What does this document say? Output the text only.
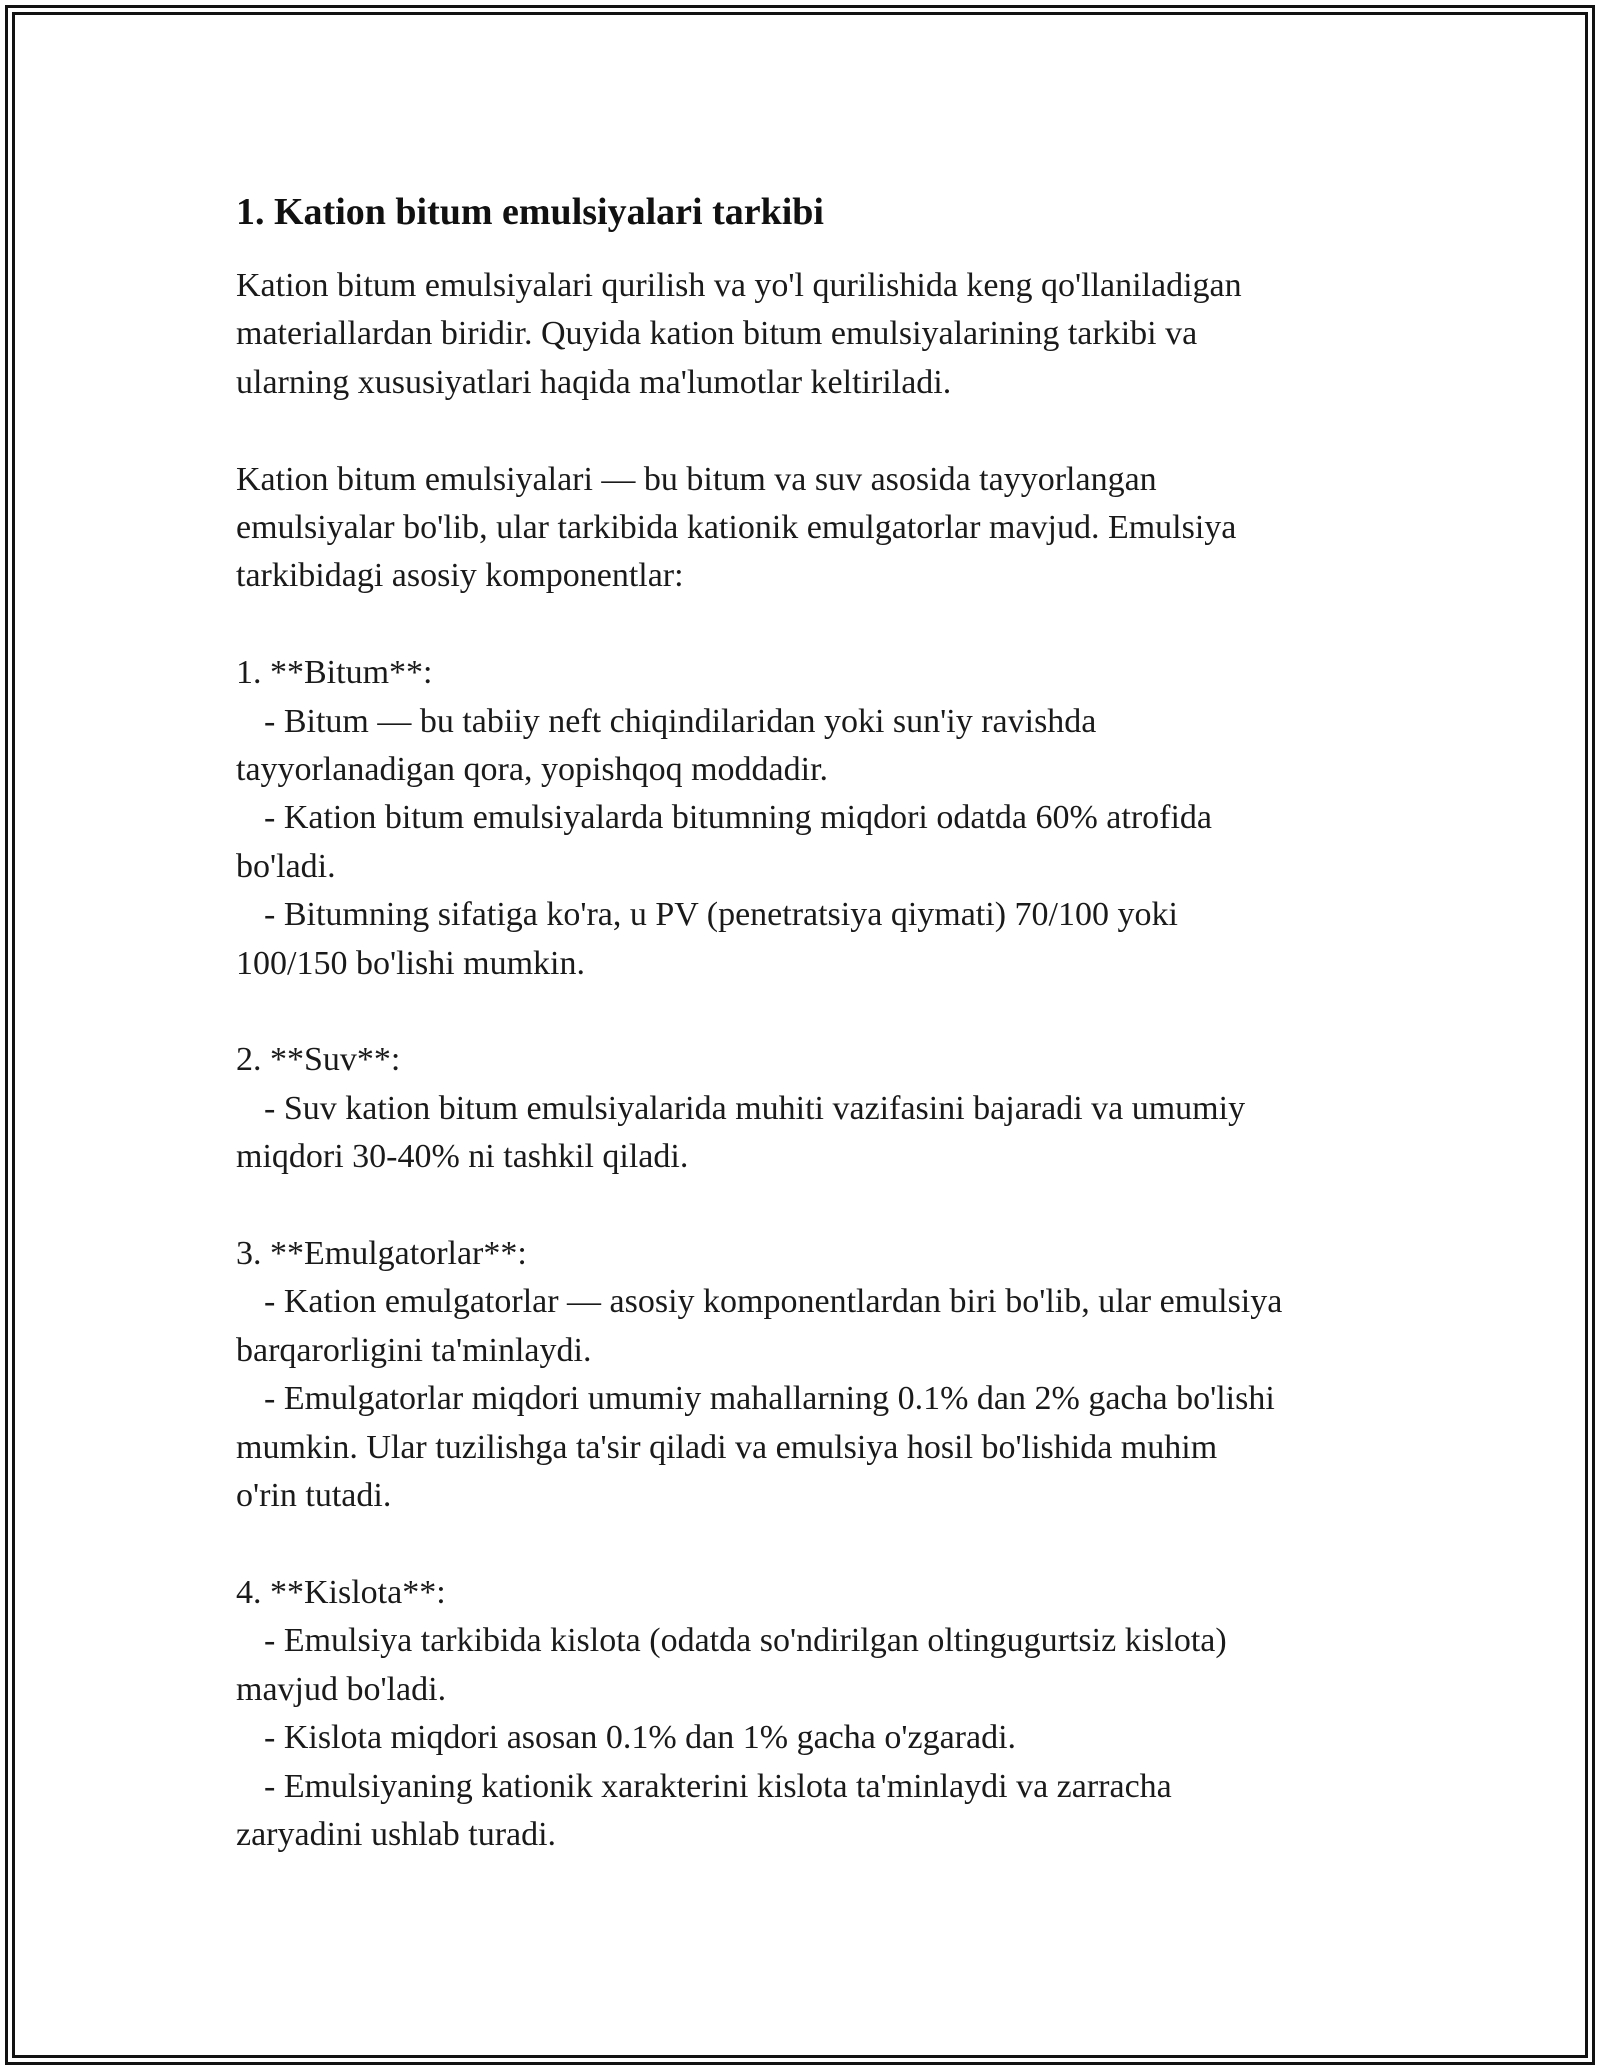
1. Kation bitum emulsiyalari tarkibi
Kation bitum emulsiyalari qurilish va yo'l qurilishida keng qo'llaniladigan
materiallardan biridir. Quyida kation bitum emulsiyalarining tarkibi va
ularning xususiyatlari haqida ma'lumotlar keltiriladi.
Kation bitum emulsiyalari — bu bitum va suv asosida tayyorlangan
emulsiyalar bo'lib, ular tarkibida kationik emulgatorlar mavjud. Emulsiya
tarkibidagi asosiy komponentlar:
1. **Bitum**:
- Bitum — bu tabiiy neft chiqindilaridan yoki sun'iy ravishda
tayyorlanadigan qora, yopishqoq moddadir.
- Kation bitum emulsiyalarda bitumning miqdori odatda 60% atrofida
bo'ladi.
- Bitumning sifatiga ko'ra, u PV (penetratsiya qiymati) 70/100 yoki
100/150 bo'lishi mumkin.
2. **Suv**:
- Suv kation bitum emulsiyalarida muhiti vazifasini bajaradi va umumiy
miqdori 30-40% ni tashkil qiladi.
3. **Emulgatorlar**:
- Kation emulgatorlar — asosiy komponentlardan biri bo'lib, ular emulsiya
barqarorligini ta'minlaydi.
- Emulgatorlar miqdori umumiy mahallarning 0.1% dan 2% gacha bo'lishi
mumkin. Ular tuzilishga ta'sir qiladi va emulsiya hosil bo'lishida muhim
o'rin tutadi.
4. **Kislota**:
- Emulsiya tarkibida kislota (odatda so'ndirilgan oltingugurtsiz kislota)
mavjud bo'ladi.
- Kislota miqdori asosan 0.1% dan 1% gacha o'zgaradi.
- Emulsiyaning kationik xarakterini kislota ta'minlaydi va zarracha
zaryadini ushlab turadi.
